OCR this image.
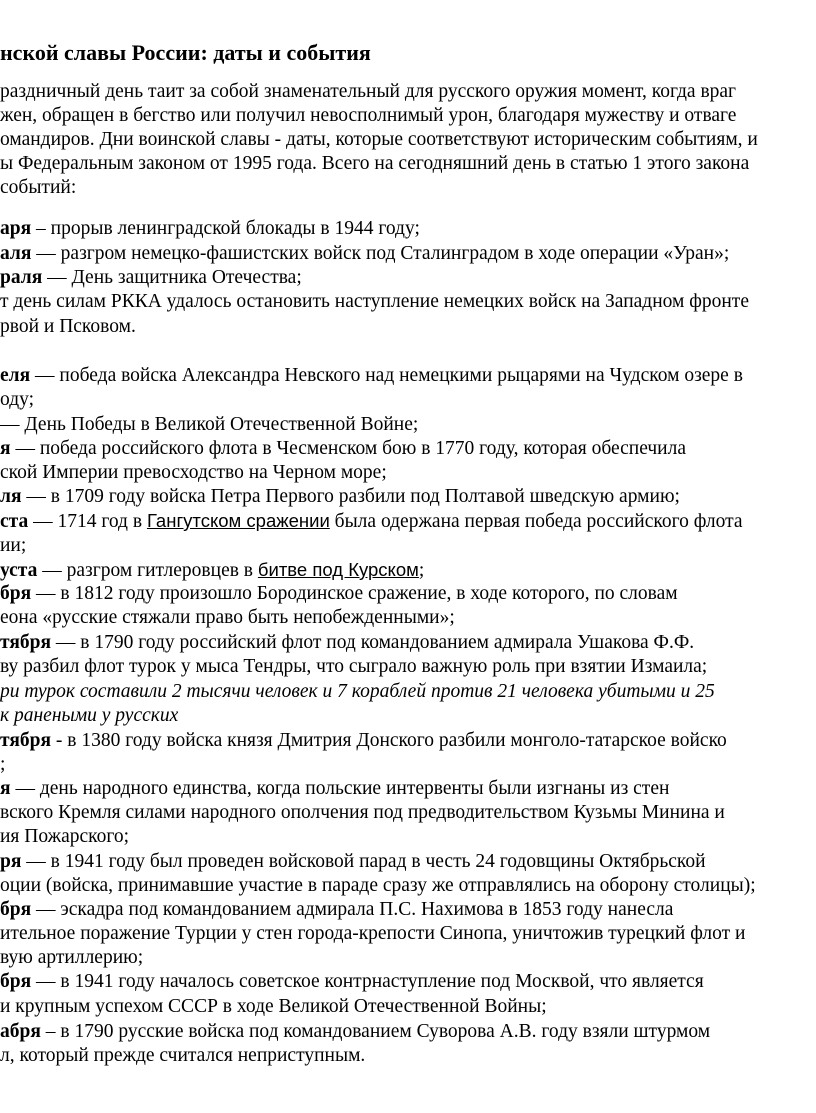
нской славы России: даты и события
раздничный день таит за собой знаменательный для русского оружия момент, когда враг
жен, обращен в бегство или получил невосполнимый урон, благодаря мужеству и отваге
омандиров. Дни воинской славы - даты, которые соответствуют историческим событиям, и
ы Федеральным законом от 1995 года. Всего на сегодняшний день в статью 1 этого закона
событий:
аря – прорыв ленинградской блокады в 1944 году;
аля — разгром немецко-фашистских войск под Сталинградом в ходе операции «Уран»;
раля — День защитника Отечества;
т день силам РККА удалось остановить наступление немецких войск на Западном фронте
рвой и Псковом.
еля — победа войска Александра Невского над немецкими рыцарями на Чудском озере в
оду;
— День Победы в Великой Отечественной Войне;
я — победа российского флота в Чесменском бою в 1770 году, которая обеспечила
ской Империи превосходство на Черном море;
ля — в 1709 году войска Петра Первого разбили под Полтавой шведскую армию;
ста — 1714 год в Гангутском сражении была одержана первая победа российского флота
ии;
уста — разгром гитлеровцев в битве под Курском;
бря — в 1812 году произошло Бородинское сражение, в ходе которого, по словам
еона «русские стяжали право быть непобежденными»;
тября — в 1790 году российский флот под командованием адмирала Ушакова Ф.Ф.
ву разбил флот турок у мыса Тендры, что сыграло важную роль при взятии Измаила;
ри турок составили 2 тысячи человек и 7 кораблей против 21 человека убитыми и 25
к ранеными у русских
тября - в 1380 году войска князя Дмитрия Донского разбили монголо-татарское войско
;
я — день народного единства, когда польские интервенты были изгнаны из стен
вского Кремля силами народного ополчения под предводительством Кузьмы Минина и
ия Пожарского;
ря — в 1941 году был проведен войсковой парад в честь 24 годовщины Октябрьской
оции (войска, принимавшие участие в параде сразу же отправлялись на оборону столицы);
бря — эскадра под командованием адмирала П.С. Нахимова в 1853 году нанесла
ительное поражение Турции у стен города-крепости Синопа, уничтожив турецкий флот и
вую артиллерию;
бря — в 1941 году началось советское контрнаступление под Москвой, что является
и крупным успехом СССР в ходе Великой Отечественной Войны;
абря – в 1790 русские войска под командованием Суворова А.В. году взяли штурмом
л, который прежде считался неприступным.
